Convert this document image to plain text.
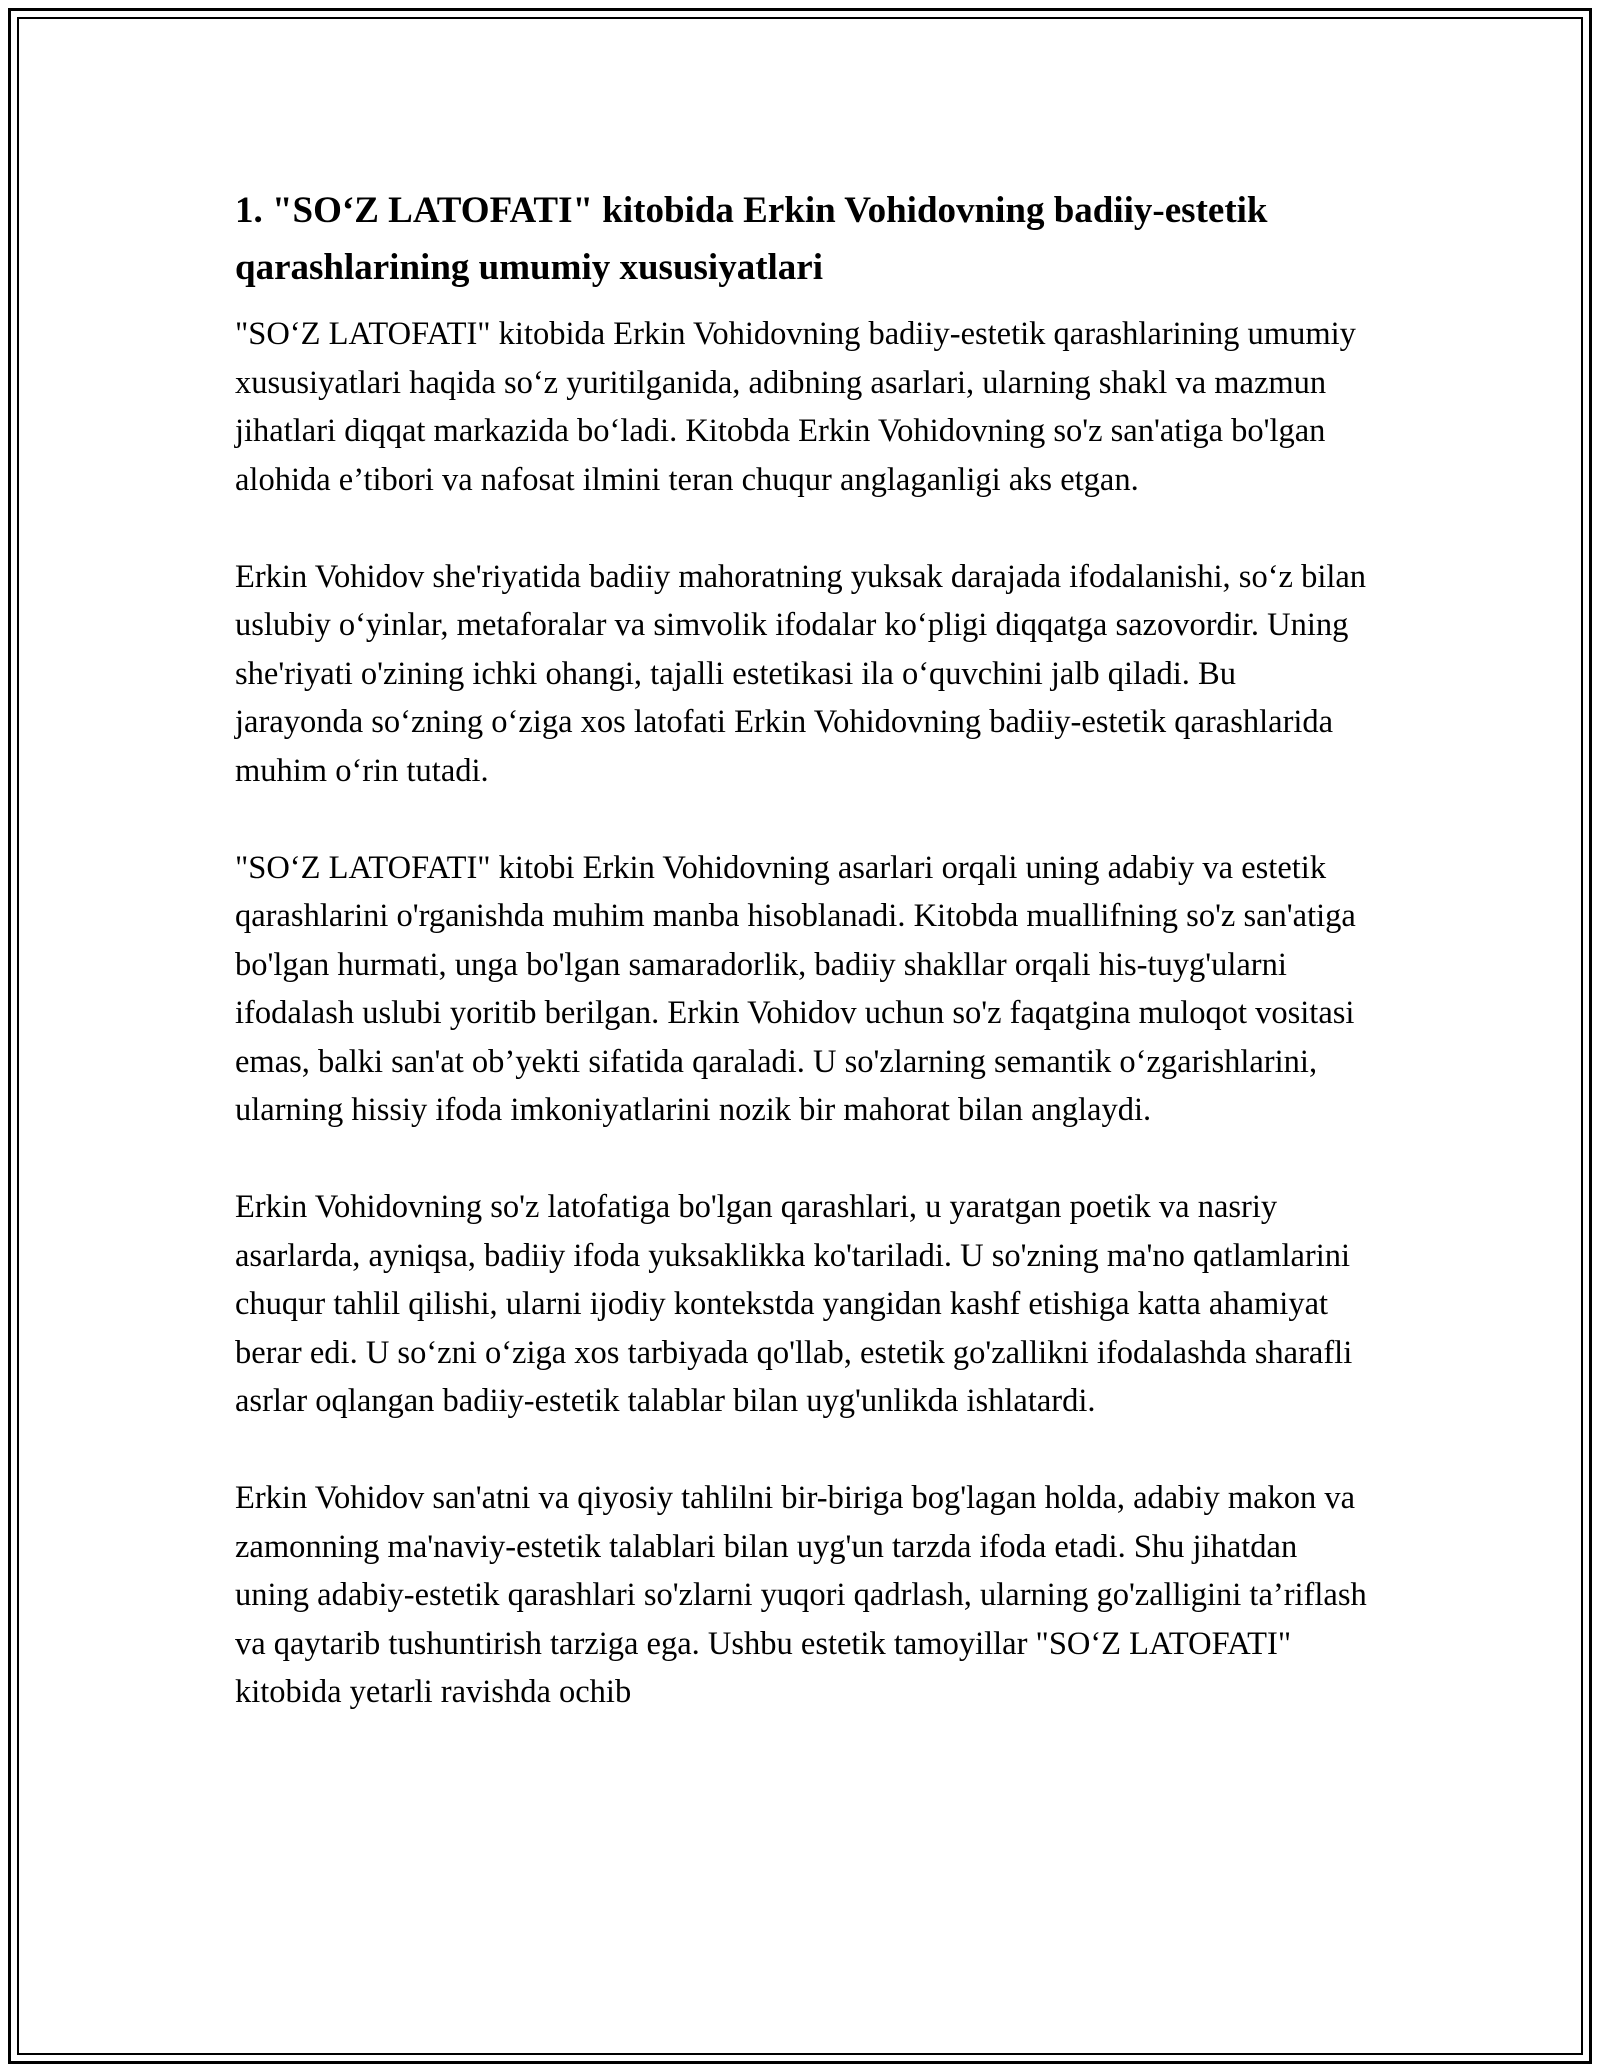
1. "SO‘Z LATOFATI" kitobida Erkin Vohidovning badiiy-estetik qarashlarining umumiy xususiyatlari

"SO‘Z LATOFATI" kitobida Erkin Vohidovning badiiy-estetik qarashlarining umumiy xususiyatlari haqida so‘z yuritilganida, adibning asarlari, ularning shakl va mazmun jihatlari diqqat markazida bo‘ladi. Kitobda Erkin Vohidovning so'z san'atiga bo'lgan alohida e’tibori va nafosat ilmini teran chuqur anglaganligi aks etgan.

Erkin Vohidov she'riyatida badiiy mahoratning yuksak darajada ifodalanishi, so‘z bilan uslubiy o‘yinlar, metaforalar va simvolik ifodalar ko‘pligi diqqatga sazovordir. Uning she'riyati o'zining ichki ohangi, tajalli estetikasi ila o‘quvchini jalb qiladi. Bu jarayonda so‘zning o‘ziga xos latofati Erkin Vohidovning badiiy-estetik qarashlarida muhim o‘rin tutadi.

"SO‘Z LATOFATI" kitobi Erkin Vohidovning asarlari orqali uning adabiy va estetik qarashlarini o'rganishda muhim manba hisoblanadi. Kitobda muallifning so'z san'atiga bo'lgan hurmati, unga bo'lgan samaradorlik, badiiy shakllar orqali his-tuyg'ularni ifodalash uslubi yoritib berilgan. Erkin Vohidov uchun so'z faqatgina muloqot vositasi emas, balki san'at ob’yekti sifatida qaraladi. U so'zlarning semantik o‘zgarishlarini, ularning hissiy ifoda imkoniyatlarini nozik bir mahorat bilan anglaydi.

Erkin Vohidovning so'z latofatiga bo'lgan qarashlari, u yaratgan poetik va nasriy asarlarda, ayniqsa, badiiy ifoda yuksaklikka ko'tariladi. U so'zning ma'no qatlamlarini chuqur tahlil qilishi, ularni ijodiy kontekstda yangidan kashf etishiga katta ahamiyat berar edi. U so‘zni o‘ziga xos tarbiyada qo'llab, estetik go'zallikni ifodalashda sharafli asrlar oqlangan badiiy-estetik talablar bilan uyg'unlikda ishlatardi.

Erkin Vohidov san'atni va qiyosiy tahlilni bir-biriga bog'lagan holda, adabiy makon va zamonning ma'naviy-estetik talablari bilan uyg'un tarzda ifoda etadi. Shu jihatdan uning adabiy-estetik qarashlari so'zlarni yuqori qadrlash, ularning go'zalligini ta’riflash va qaytarib tushuntirish tarziga ega. Ushbu estetik tamoyillar "SO‘Z LATOFATI" kitobida yetarli ravishda ochib
